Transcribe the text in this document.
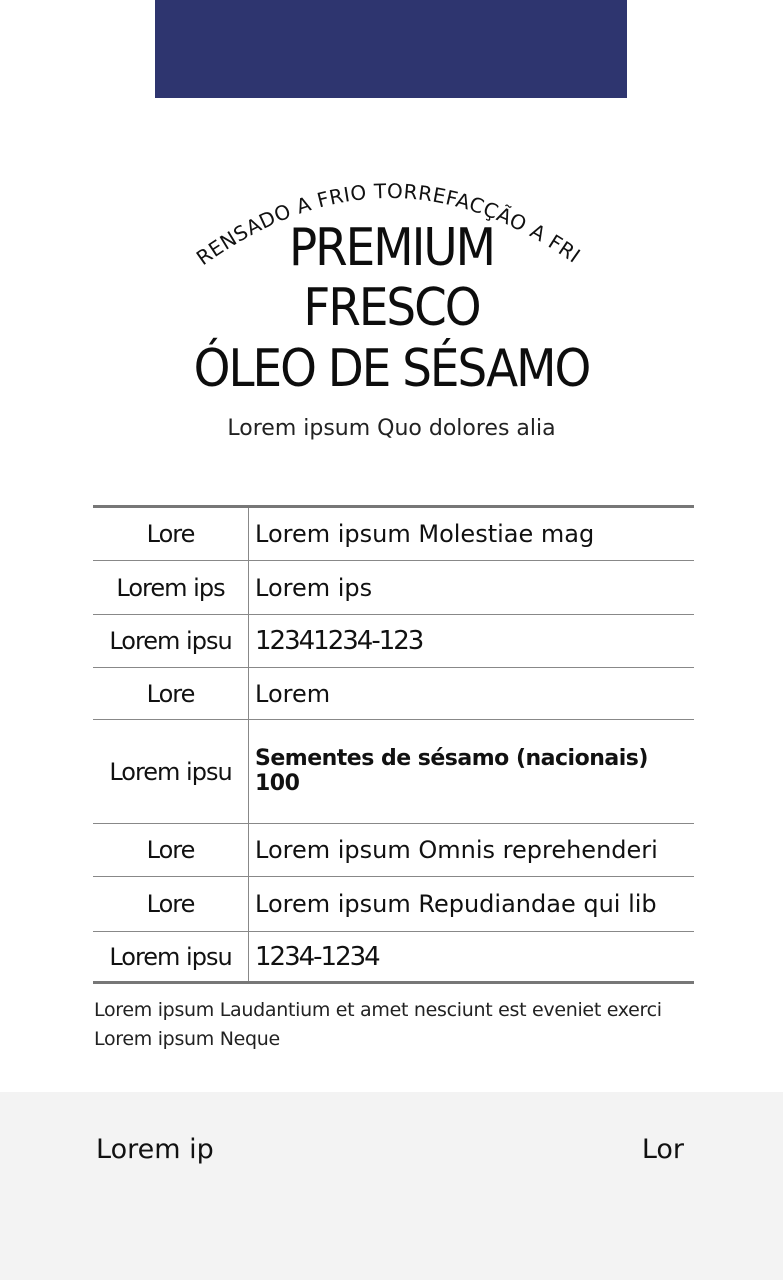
PRENSADO A FRIO TORREFACÇÃO A FRIO
PREMIUM
FRESCO
ÓLEO DE SÉSAMO
Lorem ipsum Quo dolores alia
Lore	Lorem ipsum Molestiae mag
Lorem ips	Lorem ips
Lorem ipsu	12341234-123
Lore	Lorem
Lorem ipsu	Sementes de sésamo (nacionais) 100
Lore	Lorem ipsum Omnis reprehenderi
Lore	Lorem ipsum Repudiandae qui lib
Lorem ipsu	1234-1234
Lorem ipsum Laudantium et amet nesciunt est eveniet exerci
Lorem ipsum Neque
Lorem ip	Lor
